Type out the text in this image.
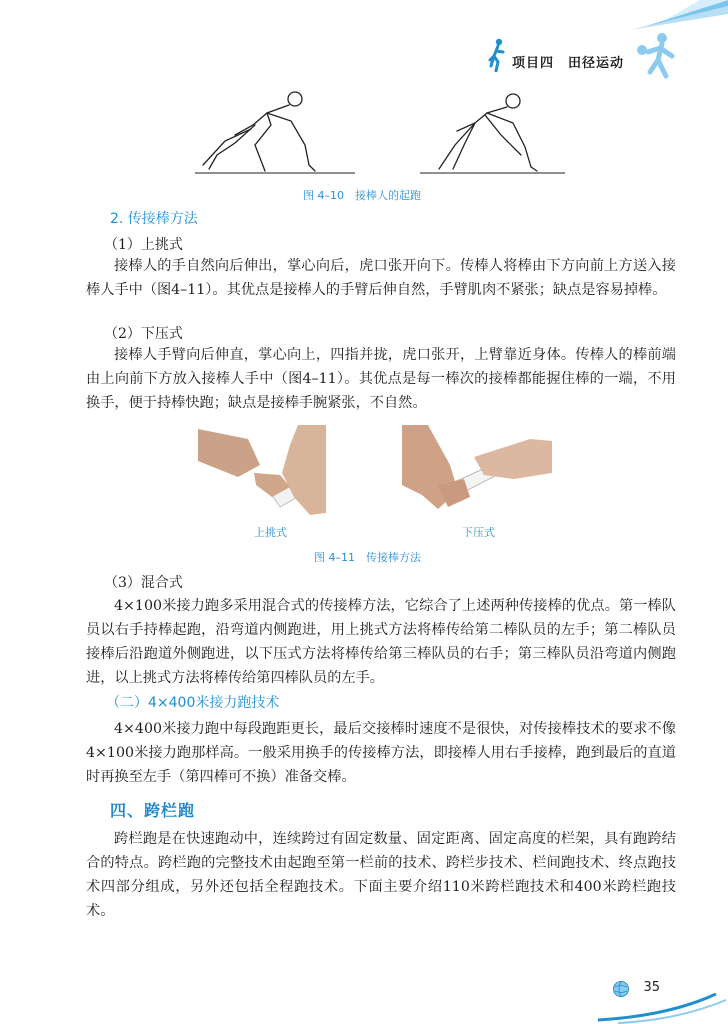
项目四　田径运动
图 4–10　接棒人的起跑
2. 传接棒方法
（1）上挑式

接棒人的手自然向后伸出，掌心向后，虎口张开向下。传棒人将棒由下方向前上方送入接棒人手中（图4–11）。其优点是接棒人的手臂后伸自然，手臂肌肉不紧张；缺点是容易掉棒。

（2）下压式

接棒人手臂向后伸直，掌心向上，四指并拢，虎口张开，上臂靠近身体。传棒人的棒前端由上向前下方放入接棒人手中（图4–11）。其优点是每一棒次的接棒都能握住棒的一端，不用换手，便于持棒快跑；缺点是接棒手腕紧张，不自然。

上挑式	下压式
图 4–11　传接棒方法
（3）混合式

4×100米接力跑多采用混合式的传接棒方法，它综合了上述两种传接棒的优点。第一棒队员以右手持棒起跑，沿弯道内侧跑进，用上挑式方法将棒传给第二棒队员的左手；第二棒队员接棒后沿跑道外侧跑进，以下压式方法将棒传给第三棒队员的右手；第三棒队员沿弯道内侧跑进，以上挑式方法将棒传给第四棒队员的左手。

（二）4×400米接力跑技术

4×400米接力跑中每段跑距更长，最后交接棒时速度不是很快，对传接棒技术的要求不像4×100米接力跑那样高。一般采用换手的传接棒方法，即接棒人用右手接棒，跑到最后的直道时再换至左手（第四棒可不换）准备交棒。

四、跨栏跑

跨栏跑是在快速跑动中，连续跨过有固定数量、固定距离、固定高度的栏架，具有跑跨结合的特点。跨栏跑的完整技术由起跑至第一栏前的技术、跨栏步技术、栏间跑技术、终点跑技术四部分组成，另外还包括全程跑技术。下面主要介绍110米跨栏跑技术和400米跨栏跑技术。

35
